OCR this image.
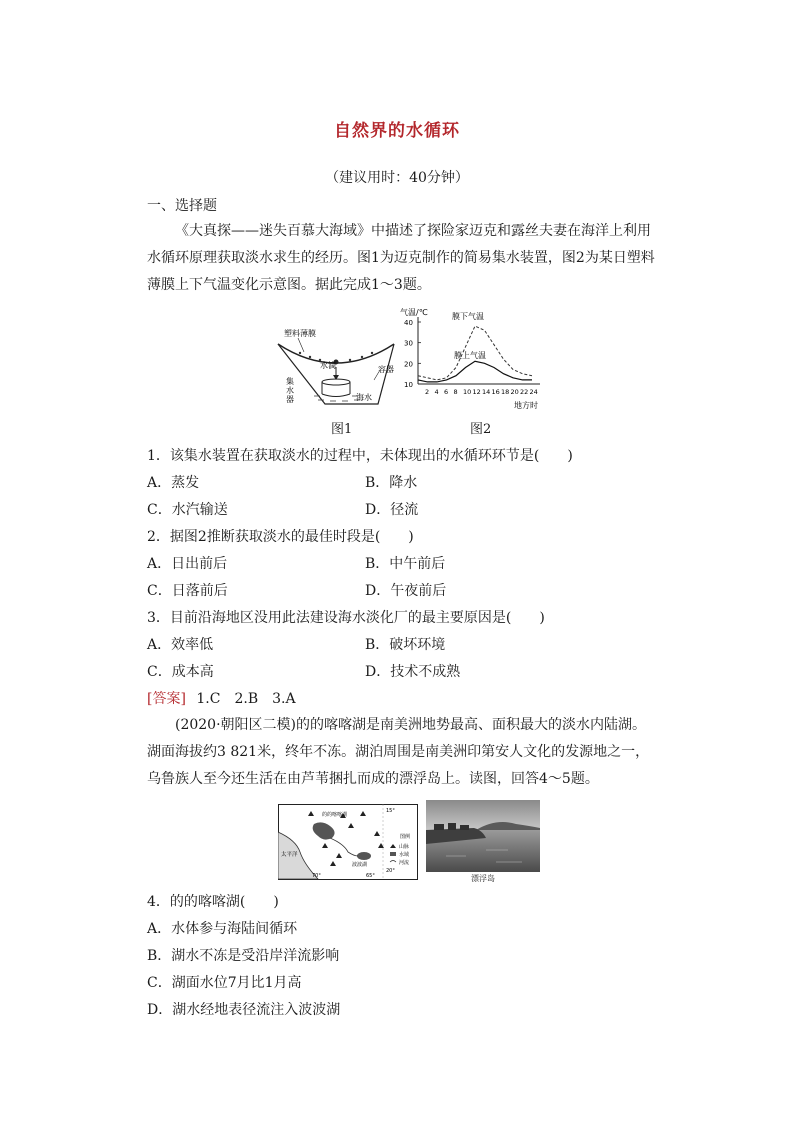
自然界的水循环
（建议用时：40分钟）
一、选择题
《大真探——迷失百慕大海域》中描述了探险家迈克和露丝夫妻在海洋上利用水循环原理获取淡水求生的经历。图1为迈克制作的简易集水装置，图2为某日塑料薄膜上下气温变化示意图。据此完成1～3题。
塑料薄膜
水滴	容器
集
水
器	海水
气温/℃
地方时
40
30
20
10
2 4 6 8 10 12 14 16 18 20 22 24
膜下气温
膜上气温
图1	图2
1．该集水装置在获取淡水的过程中，未体现出的水循环环节是(　　)
A．蒸发	B．降水
C．水汽输送	D．径流
2．据图2推断获取淡水的最佳时段是(　　)
A．日出前后	B．中午前后
C．日落前后	D．午夜前后
3．目前沿海地区没用此法建设海水淡化厂的最主要原因是(　　)
A．效率低	B．破坏环境
C．成本高	D．技术不成熟
[答案] 1.C　2.B　3.A
(2020·朝阳区二模)的的喀喀湖是南美洲地势最高、面积最大的淡水内陆湖。湖面海拔约3 821米，终年不冻。湖泊周围是南美洲印第安人文化的发源地之一，乌鲁族人至今还生活在由芦苇捆扎而成的漂浮岛上。读图，回答4～5题。
的的喀喀湖
波波湖
太平洋
15°
20°
70°	65°
图例
山脉
水域
河流
漂浮岛
4．的的喀喀湖(　　)
A．水体参与海陆间循环
B．湖水不冻是受沿岸洋流影响
C．湖面水位7月比1月高
D．湖水经地表径流注入波波湖
